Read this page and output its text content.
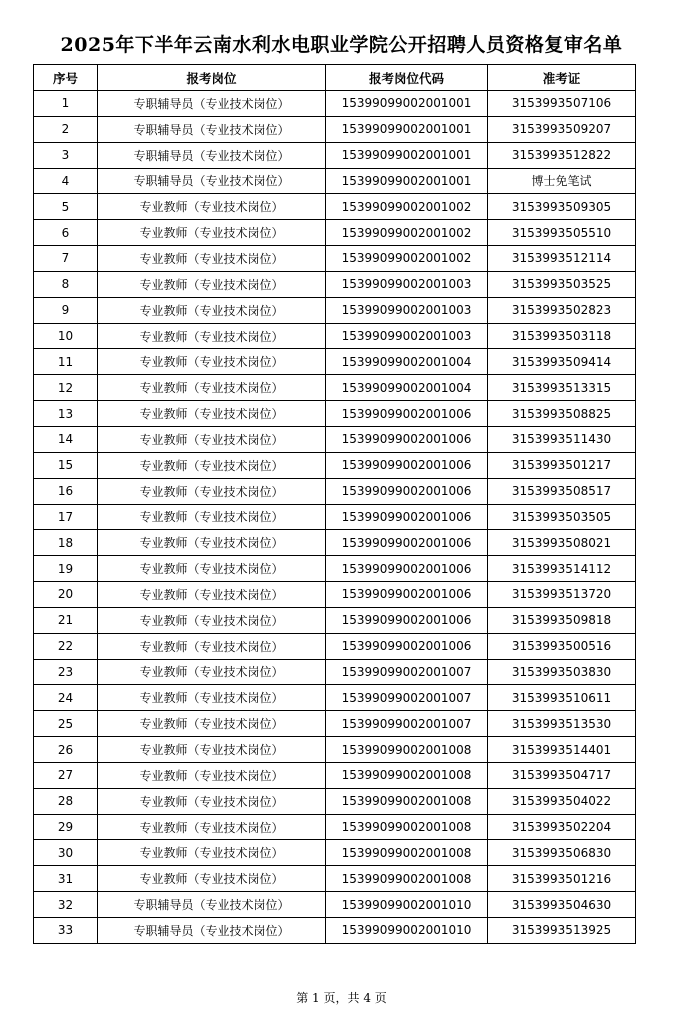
2025年下半年云南水利水电职业学院公开招聘人员资格复审名单
序号	报考岗位	报考岗位代码	准考证
1	专职辅导员（专业技术岗位）	15399099002001001	3153993507106
2	专职辅导员（专业技术岗位）	15399099002001001	3153993509207
3	专职辅导员（专业技术岗位）	15399099002001001	3153993512822
4	专职辅导员（专业技术岗位）	15399099002001001	博士免笔试
5	专业教师（专业技术岗位）	15399099002001002	3153993509305
6	专业教师（专业技术岗位）	15399099002001002	3153993505510
7	专业教师（专业技术岗位）	15399099002001002	3153993512114
8	专业教师（专业技术岗位）	15399099002001003	3153993503525
9	专业教师（专业技术岗位）	15399099002001003	3153993502823
10	专业教师（专业技术岗位）	15399099002001003	3153993503118
11	专业教师（专业技术岗位）	15399099002001004	3153993509414
12	专业教师（专业技术岗位）	15399099002001004	3153993513315
13	专业教师（专业技术岗位）	15399099002001006	3153993508825
14	专业教师（专业技术岗位）	15399099002001006	3153993511430
15	专业教师（专业技术岗位）	15399099002001006	3153993501217
16	专业教师（专业技术岗位）	15399099002001006	3153993508517
17	专业教师（专业技术岗位）	15399099002001006	3153993503505
18	专业教师（专业技术岗位）	15399099002001006	3153993508021
19	专业教师（专业技术岗位）	15399099002001006	3153993514112
20	专业教师（专业技术岗位）	15399099002001006	3153993513720
21	专业教师（专业技术岗位）	15399099002001006	3153993509818
22	专业教师（专业技术岗位）	15399099002001006	3153993500516
23	专业教师（专业技术岗位）	15399099002001007	3153993503830
24	专业教师（专业技术岗位）	15399099002001007	3153993510611
25	专业教师（专业技术岗位）	15399099002001007	3153993513530
26	专业教师（专业技术岗位）	15399099002001008	3153993514401
27	专业教师（专业技术岗位）	15399099002001008	3153993504717
28	专业教师（专业技术岗位）	15399099002001008	3153993504022
29	专业教师（专业技术岗位）	15399099002001008	3153993502204
30	专业教师（专业技术岗位）	15399099002001008	3153993506830
31	专业教师（专业技术岗位）	15399099002001008	3153993501216
32	专职辅导员（专业技术岗位）	15399099002001010	3153993504630
33	专职辅导员（专业技术岗位）	15399099002001010	3153993513925
第 1 页，共 4 页
